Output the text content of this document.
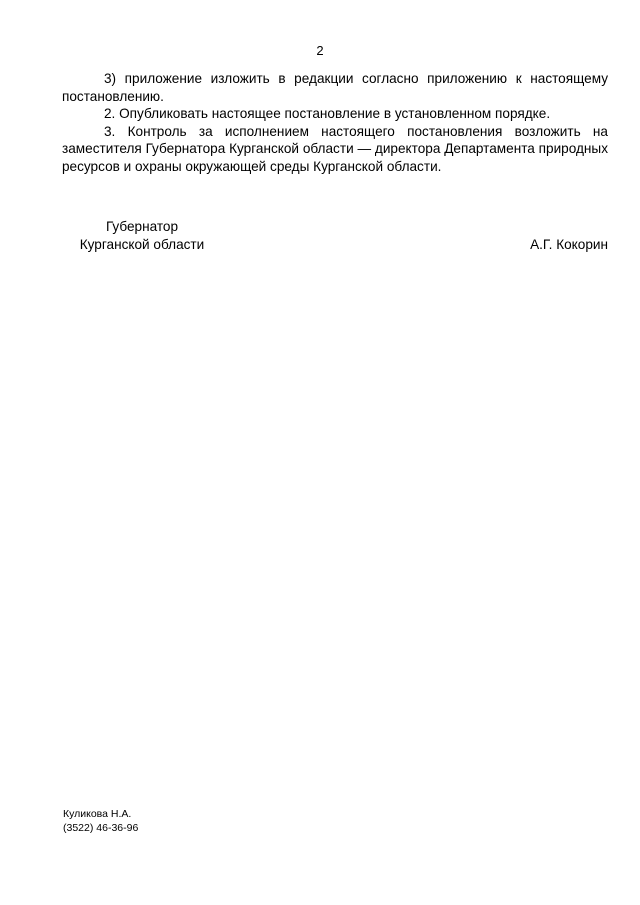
2

3) приложение изложить в редакции согласно приложению к настоящему постановлению.

2. Опубликовать настоящее постановление в установленном порядке.

3. Контроль за исполнением настоящего постановления возложить на заместителя Губернатора Курганской области — директора Департамента природных ресурсов и охраны окружающей среды Курганской области.

Губернатор
Курганской области	А.Г. Кокорин
Куликова Н.А.
(3522) 46-36-96
